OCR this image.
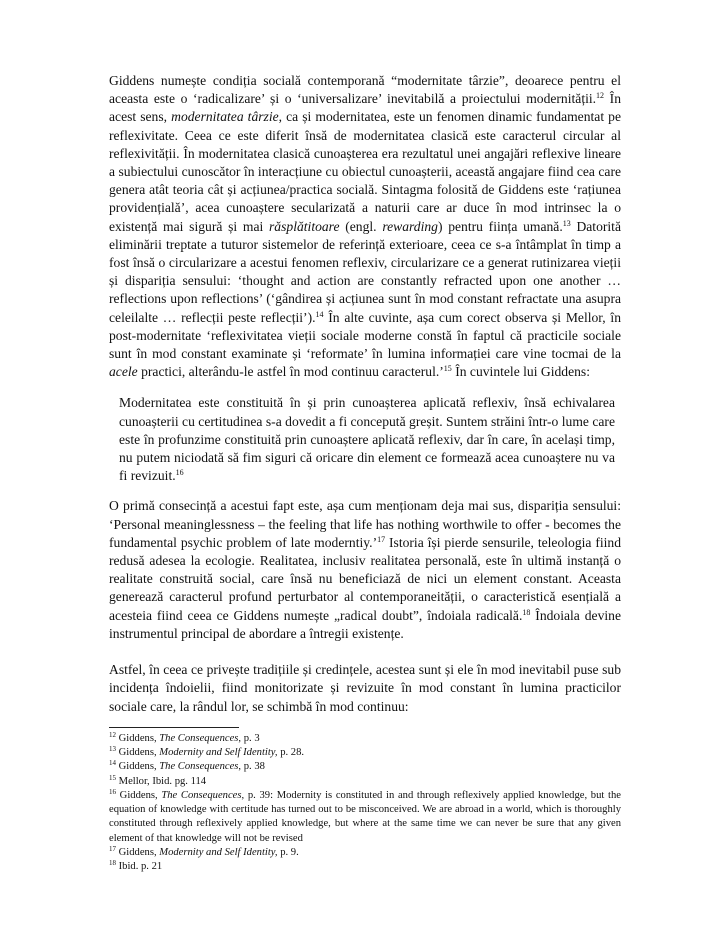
Giddens numește condiția socială contemporană “modernitate târzie”, deoarece pentru el aceasta este o ‘radicalizare’ și o ‘universalizare’ inevitabilă a proiectului modernității.$^{12}$ În acest sens, modernitatea târzie, ca și modernitatea, este un fenomen dinamic fundamentat pe reflexivitate. Ceea ce este diferit însă de modernitatea clasică este caracterul circular al reflexivității. În modernitatea clasică cunoașterea era rezultatul unei angajări reflexive lineare a subiectului cunoscător în interacțiune cu obiectul cunoașterii, această angajare fiind cea care genera atât teoria cât și acțiunea/practica socială. Sintagma folosită de Giddens este ‘rațiunea providențială’, acea cunoaștere secularizată a naturii care ar duce în mod intrinsec la o existență mai sigură și mai răsplătitoare (engl. rewarding) pentru ființa umană.$^{13}$ Datorită eliminării treptate a tuturor sistemelor de referință exterioare, ceea ce s-a întâmplat în timp a fost însă o circularizare a acestui fenomen reflexiv, circularizare ce a generat rutinizarea vieții și dispariția sensului: ‘thought and action are constantly refracted upon one another … reflections upon reflections’ (‘gândirea și acțiunea sunt în mod constant refractate una asupra celeilalte … reflecții peste reflecții’).$^{14}$ În alte cuvinte, așa cum corect observa și Mellor, în post-modernitate ‘reflexivitatea vieții sociale moderne constă în faptul că practicile sociale sunt în mod constant examinate și ‘reformate’ în lumina informației care vine tocmai de la acele practici, alterându-le astfel în mod continuu caracterul.’$^{15}$ În cuvintele lui Giddens:

Modernitatea este constituită în și prin cunoașterea aplicată reflexiv, însă echivalarea cunoașterii cu certitudinea s-a dovedit a fi concepută greșit. Suntem străini într-o lume care este în profunzime constituită prin cunoaștere aplicată reflexiv, dar în care, în același timp, nu putem niciodată să fim siguri că oricare din element ce formează acea cunoaștere nu va fi revizuit.$^{16}$

O primă consecință a acestui fapt este, așa cum menționam deja mai sus, dispariția sensului: ‘Personal meaninglessness – the feeling that life has nothing worthwile to offer - becomes the fundamental psychic problem of late moderntiy.’$^{17}$ Istoria își pierde sensurile, teleologia fiind redusă adesea la ecologie. Realitatea, inclusiv realitatea personală, este în ultimă instanță o realitate construită social, care însă nu beneficiază de nici un element constant. Aceasta generează caracterul profund perturbator al contemporaneității, o caracteristică esențială a acesteia fiind ceea ce Giddens numește „radical doubt”, îndoiala radicală.$^{18}$ Îndoiala devine instrumentul principal de abordare a întregii existențe.

Astfel, în ceea ce privește tradițiile și credințele, acestea sunt și ele în mod inevitabil puse sub incidența îndoielii, fiind monitorizate și revizuite în mod constant în lumina practicilor sociale care, la rândul lor, se schimbă în mod continuu:

$^{12}$ Giddens, The Consequences, p. 3

$^{13}$ Giddens, Modernity and Self Identity, p. 28.

$^{14}$ Giddens, The Consequences, p. 38

$^{15}$ Mellor, Ibid. pg. 114

$^{16}$ Giddens, The Consequences, p. 39: Modernity is constituted in and through reflexively applied knowledge, but the equation of knowledge with certitude has turned out to be misconceived. We are abroad in a world, which is thoroughly constituted through reflexively applied knowledge, but where at the same time we can never be sure that any given element of that knowledge will not be revised

$^{17}$ Giddens, Modernity and Self Identity, p. 9.

$^{18}$ Ibid. p. 21
